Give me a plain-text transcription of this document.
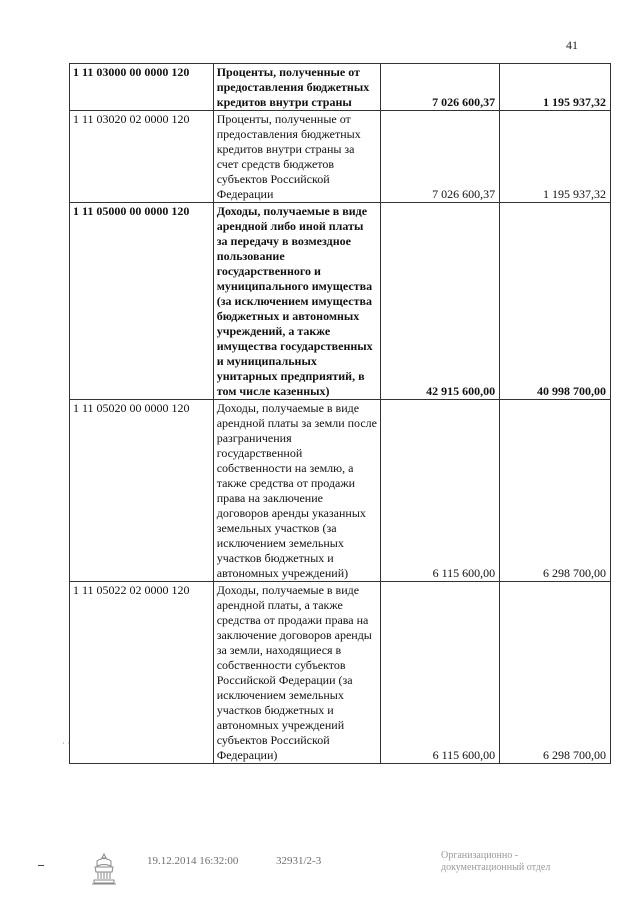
41
1 11 03000 00 0000 120	Проценты, полученные от предоставления бюджетных кредитов внутри страны	7 026 600,37	1 195 937,32
1 11 03020 02 0000 120	Проценты, полученные от предоставления бюджетных кредитов внутри страны за счет средств бюджетов субъектов Российской Федерации	7 026 600,37	1 195 937,32
1 11 05000 00 0000 120	Доходы, получаемые в виде арендной либо иной платы за передачу в возмездное пользование государственного и муниципального имущества (за исключением имущества бюджетных и автономных учреждений, а также имущества государственных и муниципальных унитарных предприятий, в том числе казенных)	42 915 600,00	40 998 700,00
1 11 05020 00 0000 120	Доходы, получаемые в виде арендной платы за земли после разграничения государственной собственности на землю, а также средства от продажи права на заключение договоров аренды указанных земельных участков (за исключением земельных участков бюджетных и автономных учреждений)	6 115 600,00	6 298 700,00
1 11 05022 02 0000 120	Доходы, получаемые в виде арендной платы, а также средства от продажи права на заключение договоров аренды за земли, находящиеся в собственности субъектов Российской Федерации (за исключением земельных участков бюджетных и автономных учреждений субъектов Российской Федерации)	6 115 600,00	6 298 700,00
· ·
19.12.2014 16:32:00	32931/2-3	Организационно -
документационный отдел
